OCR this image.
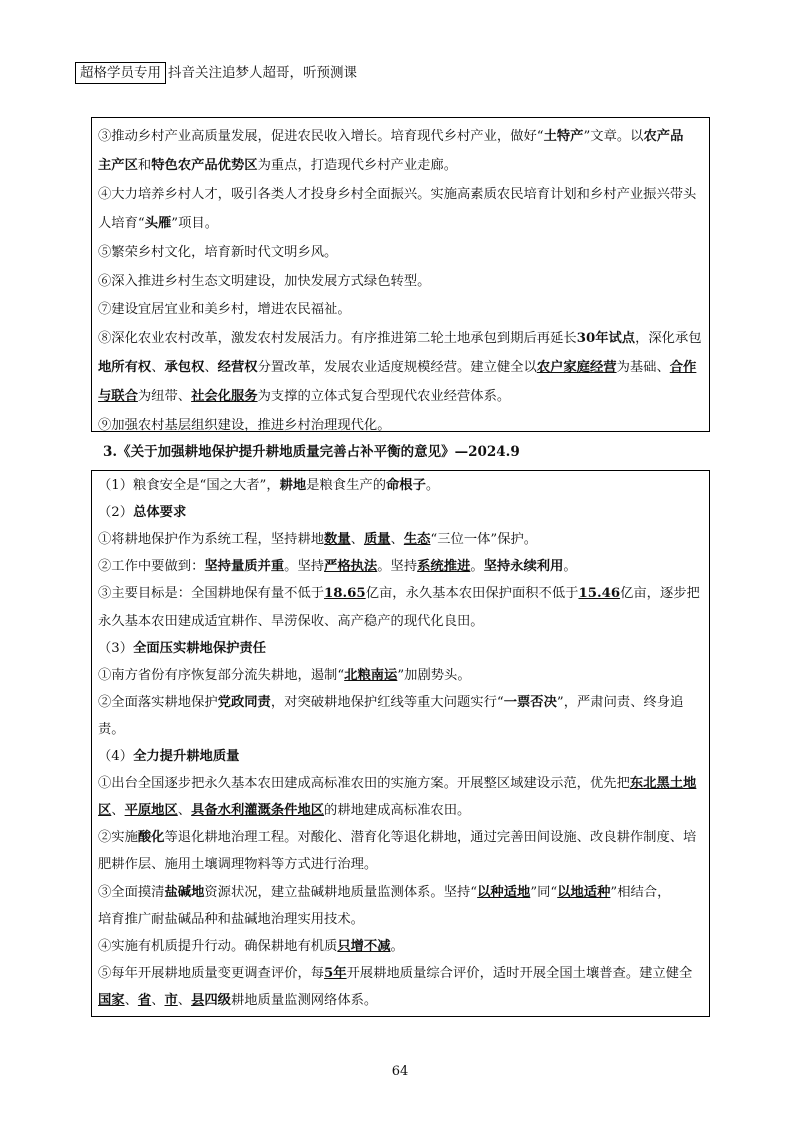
超格学员专用 抖音关注追梦人超哥，听预测课
③推动乡村产业高质量发展，促进农民收入增长。培育现代乡村产业，做好“土特产”文章。以农产品
主产区和特色农产品优势区为重点，打造现代乡村产业走廊。
④大力培养乡村人才，吸引各类人才投身乡村全面振兴。实施高素质农民培育计划和乡村产业振兴带头
人培育“头雁”项目。
⑤繁荣乡村文化，培育新时代文明乡风。
⑥深入推进乡村生态文明建设，加快发展方式绿色转型。
⑦建设宜居宜业和美乡村，增进农民福祉。
⑧深化农业农村改革，激发农村发展活力。有序推进第二轮土地承包到期后再延长30年试点，深化承包
地所有权、承包权、经营权分置改革，发展农业适度规模经营。建立健全以农户家庭经营为基础、合作
与联合为纽带、社会化服务为支撑的立体式复合型现代农业经营体系。
⑨加强农村基层组织建设，推进乡村治理现代化。
3.《关于加强耕地保护提升耕地质量完善占补平衡的意见》—2024.9
（1）粮食安全是“国之大者”，耕地是粮食生产的命根子。
（2）总体要求
①将耕地保护作为系统工程，坚持耕地数量、质量、生态“三位一体”保护。
②工作中要做到：坚持量质并重。坚持严格执法。坚持系统推进。坚持永续利用。
③主要目标是：全国耕地保有量不低于18.65亿亩，永久基本农田保护面积不低于15.46亿亩，逐步把
永久基本农田建成适宜耕作、旱涝保收、高产稳产的现代化良田。
（3）全面压实耕地保护责任
①南方省份有序恢复部分流失耕地，遏制“北粮南运”加剧势头。
②全面落实耕地保护党政同责，对突破耕地保护红线等重大问题实行“一票否决”，严肃问责、终身追
责。
（4）全力提升耕地质量
①出台全国逐步把永久基本农田建成高标准农田的实施方案。开展整区域建设示范，优先把东北黑土地
区、平原地区、具备水利灌溉条件地区的耕地建成高标准农田。
②实施酸化等退化耕地治理工程。对酸化、潜育化等退化耕地，通过完善田间设施、改良耕作制度、培
肥耕作层、施用土壤调理物料等方式进行治理。
③全面摸清盐碱地资源状况，建立盐碱耕地质量监测体系。坚持“以种适地”同“以地适种”相结合，
培育推广耐盐碱品种和盐碱地治理实用技术。
④实施有机质提升行动。确保耕地有机质只增不减。
⑤每年开展耕地质量变更调查评价，每5年开展耕地质量综合评价，适时开展全国土壤普查。建立健全
国家、省、市、县四级耕地质量监测网络体系。
64
